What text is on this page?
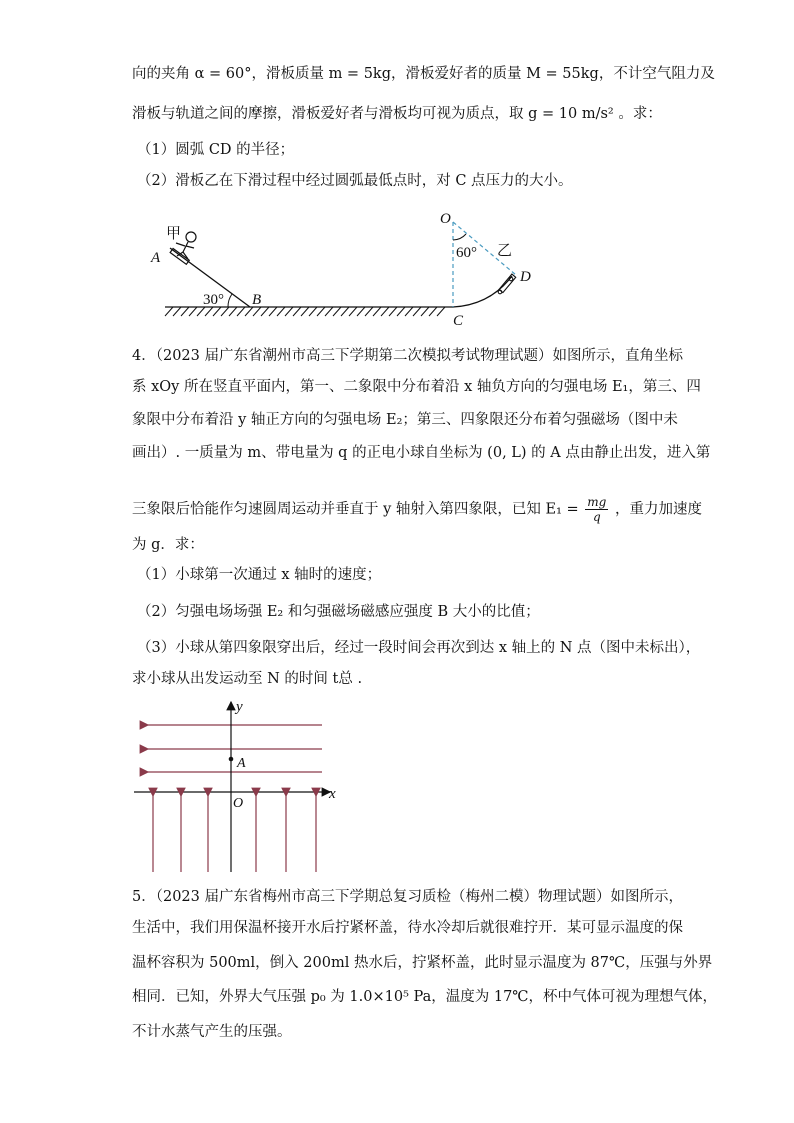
向的夹角 α = 60°，滑板质量 m = 5kg，滑板爱好者的质量 M = 55kg，不计空气阻力及
滑板与轨道之间的摩擦，滑板爱好者与滑板均可视为质点，取 g = 10 m/s² 。求：
（1）圆弧 CD 的半径；
（2）滑板乙在下滑过程中经过圆弧最低点时，对 C 点压力的大小。
30° B
A
甲
60°
O
乙
D
C
4．（2023 届广东省潮州市高三下学期第二次模拟考试物理试题）如图所示，直角坐标
系 xOy 所在竖直平面内，第一、二象限中分布着沿 x 轴负方向的匀强电场 E₁，第三、四
象限中分布着沿 y 轴正方向的匀强电场 E₂；第三、四象限还分布着匀强磁场（图中未
画出）. 一质量为 m、带电量为 q 的正电小球自坐标为 (0, L) 的 A 点由静止出发，进入第
三象限后恰能作匀速圆周运动并垂直于 y 轴射入第四象限，已知 $E_1 = \frac{mg}{q}$ ，重力加速度
为 g．求：
（1）小球第一次通过 x 轴时的速度；
（2）匀强电场场强 E₂ 和匀强磁场磁感应强度 B 大小的比值；
（3）小球从第四象限穿出后，经过一段时间会再次到达 x 轴上的 N 点（图中未标出），
求小球从出发运动至 N 的时间 t总 .
y
x
O
A
5．（2023 届广东省梅州市高三下学期总复习质检（梅州二模）物理试题）如图所示，
生活中，我们用保温杯接开水后拧紧杯盖，待水冷却后就很难拧开．某可显示温度的保
温杯容积为 500ml，倒入 200ml 热水后，拧紧杯盖，此时显示温度为 87℃，压强与外界
相同．已知，外界大气压强 p₀ 为 1.0×10⁵ Pa，温度为 17℃，杯中气体可视为理想气体，
不计水蒸气产生的压强。
